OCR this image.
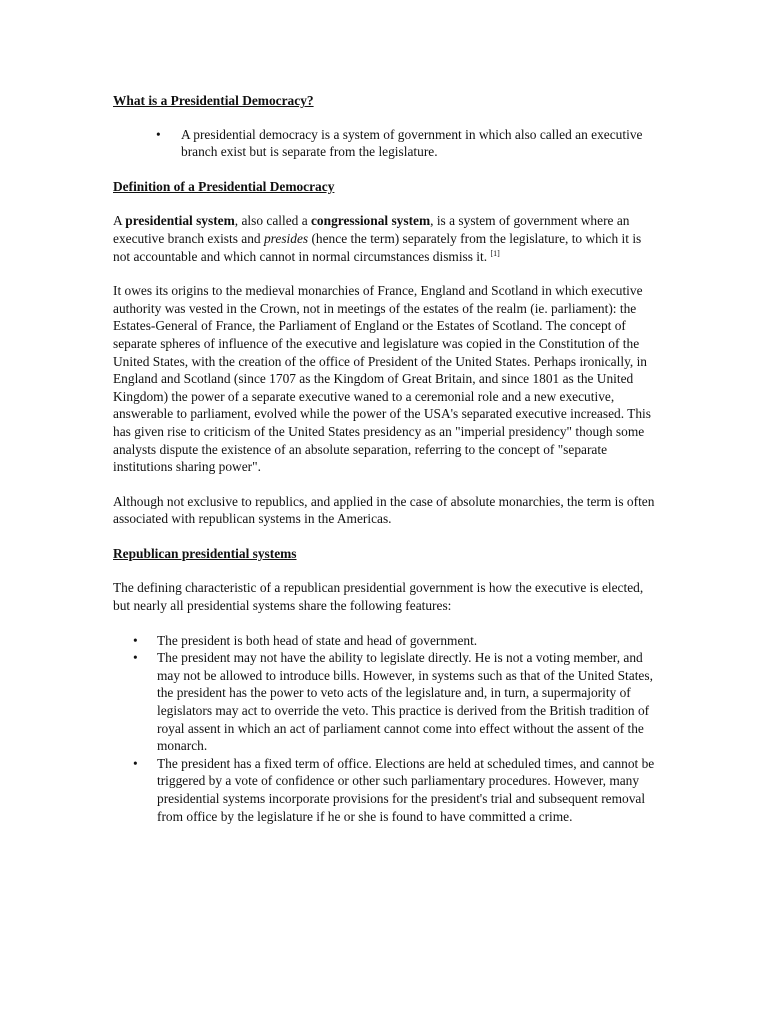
What is a Presidential Democracy?

• A presidential democracy is a system of government in which also called an executive branch exist but is separate from the legislature.

Definition of a Presidential Democracy

A presidential system, also called a congressional system, is a system of government where an executive branch exists and presides (hence the term) separately from the legislature, to which it is not accountable and which cannot in normal circumstances dismiss it. [1]

It owes its origins to the medieval monarchies of France, England and Scotland in which executive authority was vested in the Crown, not in meetings of the estates of the realm (ie. parliament): the Estates-General of France, the Parliament of England or the Estates of Scotland. The concept of separate spheres of influence of the executive and legislature was copied in the Constitution of the United States, with the creation of the office of President of the United States. Perhaps ironically, in England and Scotland (since 1707 as the Kingdom of Great Britain, and since 1801 as the United Kingdom) the power of a separate executive waned to a ceremonial role and a new executive, answerable to parliament, evolved while the power of the USA's separated executive increased. This has given rise to criticism of the United States presidency as an "imperial presidency" though some analysts dispute the existence of an absolute separation, referring to the concept of "separate institutions sharing power".

Although not exclusive to republics, and applied in the case of absolute monarchies, the term is often associated with republican systems in the Americas.

Republican presidential systems

The defining characteristic of a republican presidential government is how the executive is elected, but nearly all presidential systems share the following features:

• The president is both head of state and head of government.
• The president may not have the ability to legislate directly. He is not a voting member, and may not be allowed to introduce bills. However, in systems such as that of the United States, the president has the power to veto acts of the legislature and, in turn, a supermajority of legislators may act to override the veto. This practice is derived from the British tradition of royal assent in which an act of parliament cannot come into effect without the assent of the monarch.
• The president has a fixed term of office. Elections are held at scheduled times, and cannot be triggered by a vote of confidence or other such parliamentary procedures. However, many presidential systems incorporate provisions for the president's trial and subsequent removal from office by the legislature if he or she is found to have committed a crime.
